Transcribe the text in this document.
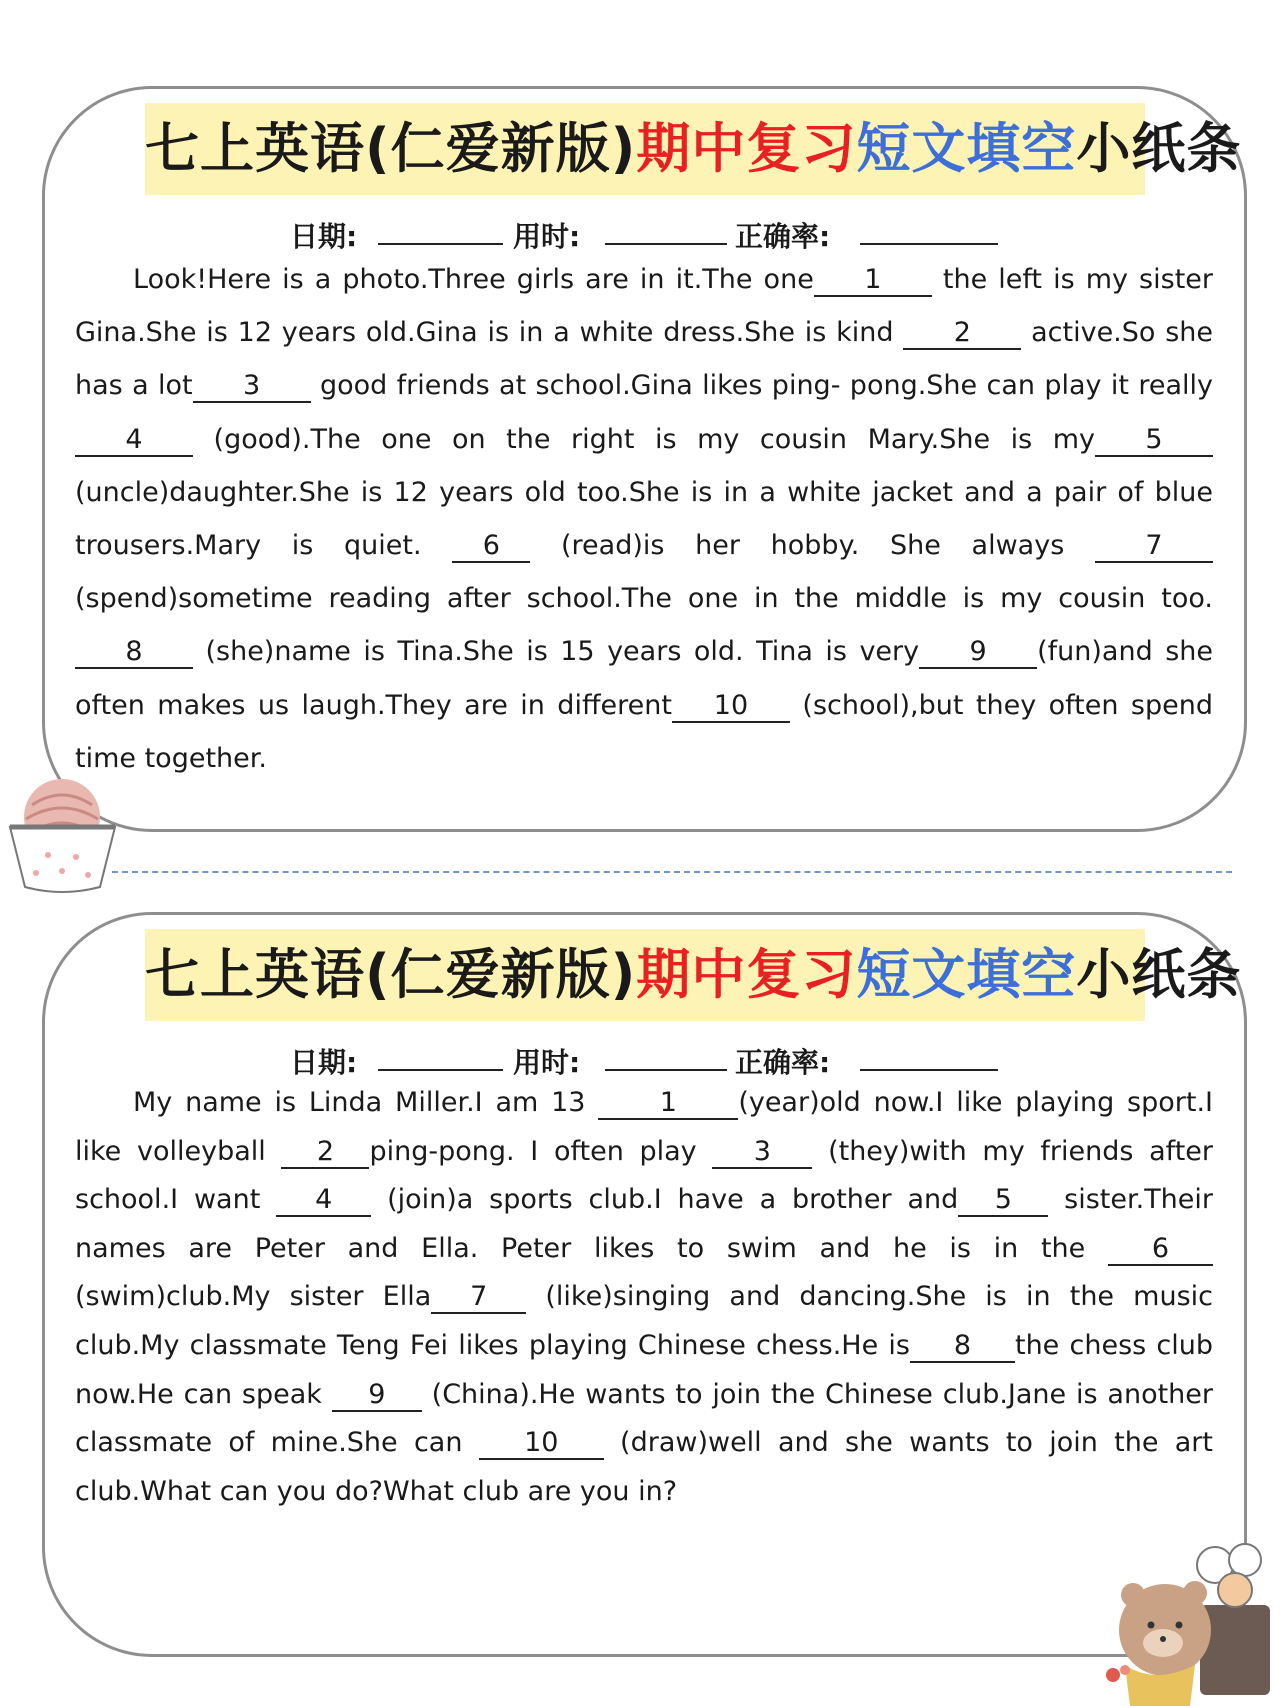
七上英语(仁爱新版)期中复习短文填空小纸条
日期:	用时:	正确率:

Look!Here is a photo.Three girls are in it.The one 1 the left is my sister Gina.She is 12 years old.Gina is in a white dress.She is kind 2 active.So she has a lot 3 good friends at school.Gina likes ping- pong.She can play it really 4	(good).The one on the right is my cousin Mary.She is my 5(uncle)daughter.She is 12 years old too.She is in a white jacket and a pair of blue trousers.Mary is quiet. 6 (read)is her hobby. She always	7 (spend)sometime reading after school.The one in the middle is my cousin too. 8 (she)name is Tina.She is 15 years old. Tina is very 9 (fun)and she often makes us laugh.They are in different 10 (school),but they often spend time together.

七上英语(仁爱新版)期中复习短文填空小纸条
日期:	用时:	正确率:

My name is Linda Miller.I am 13	1 (year)old now.I like playing sport.I like volleyball 2 ping-pong. I often play 3 (they)with my friends after school.I want 4 (join)a sports club.I have a brother and 5 sister.Their names are Peter and Ella. Peter likes to swim and he is in the 6 (swim)club.My sister Ella 7 (like)singing and dancing.She is in the music club.My classmate Teng Fei likes playing Chinese chess.He is 8 the chess club now.He can speak 9 (China).He wants to join the Chinese club.Jane is another classmate of mine.She can 10 (draw)well and she wants to join the art club.What can you do?What club are you in?
